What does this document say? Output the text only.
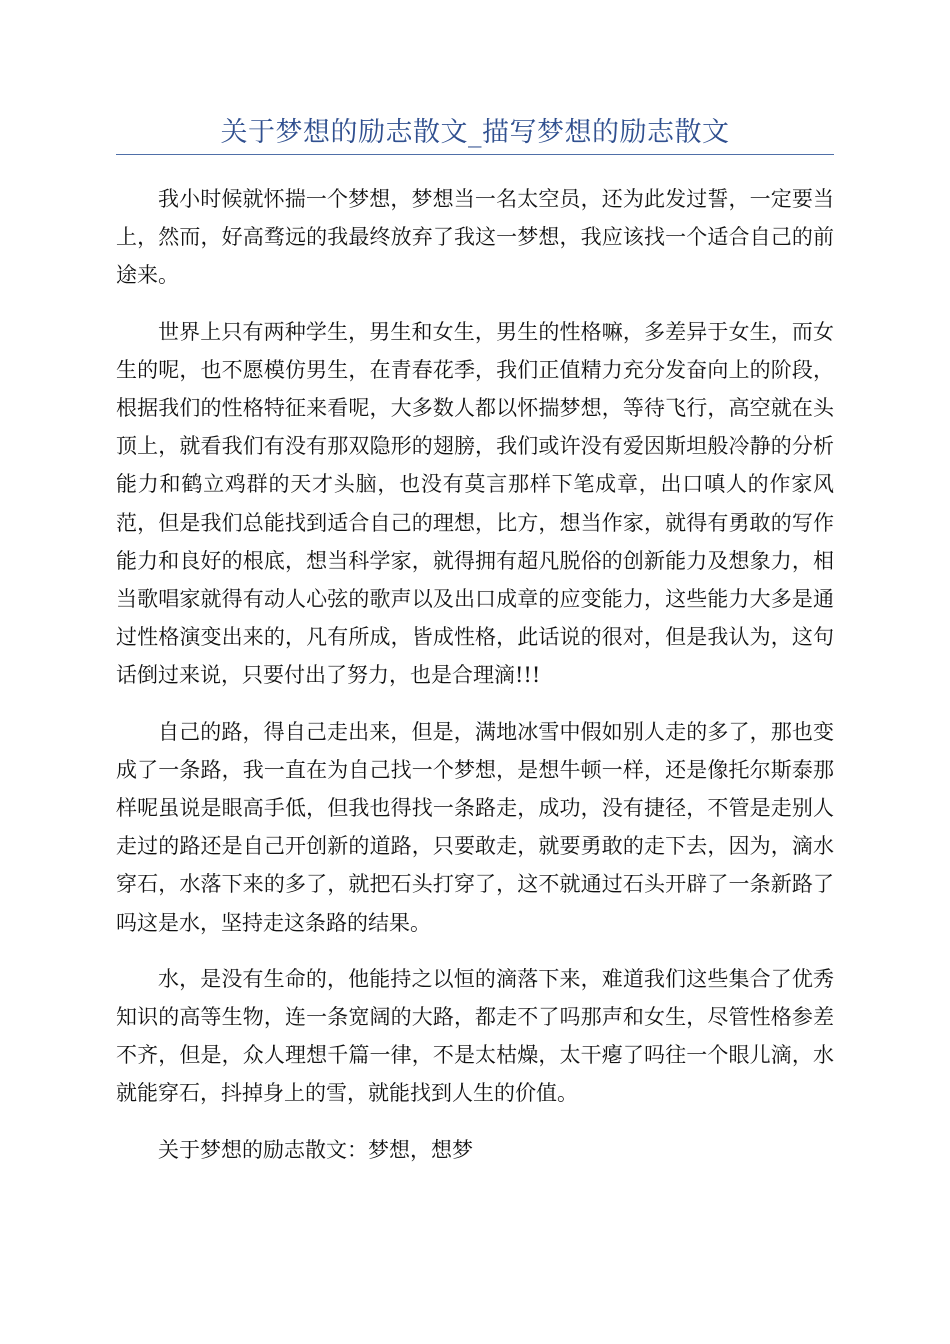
关于梦想的励志散文_描写梦想的励志散文

我小时候就怀揣一个梦想，梦想当一名太空员，还为此发过誓，一定要当上，然而，好高骛远的我最终放弃了我这一梦想，我应该找一个适合自己的前途来。

世界上只有两种学生，男生和女生，男生的性格嘛，多差异于女生，而女生的呢，也不愿模仿男生，在青春花季，我们正值精力充分发奋向上的阶段，根据我们的性格特征来看呢，大多数人都以怀揣梦想，等待飞行，高空就在头顶上，就看我们有没有那双隐形的翅膀，我们或许没有爱因斯坦般冷静的分析能力和鹤立鸡群的天才头脑，也没有莫言那样下笔成章，出口嗔人的作家风范，但是我们总能找到适合自己的理想，比方，想当作家，就得有勇敢的写作能力和良好的根底，想当科学家，就得拥有超凡脱俗的创新能力及想象力，相当歌唱家就得有动人心弦的歌声以及出口成章的应变能力，这些能力大多是通过性格演变出来的，凡有所成，皆成性格，此话说的很对，但是我认为，这句话倒过来说，只要付出了努力，也是合理滴!!!

自己的路，得自己走出来，但是，满地冰雪中假如别人走的多了，那也变成了一条路，我一直在为自己找一个梦想，是想牛顿一样，还是像托尔斯泰那样呢虽说是眼高手低，但我也得找一条路走，成功，没有捷径，不管是走别人走过的路还是自己开创新的道路，只要敢走，就要勇敢的走下去，因为，滴水穿石，水落下来的多了，就把石头打穿了，这不就通过石头开辟了一条新路了吗这是水，坚持走这条路的结果。

水，是没有生命的，他能持之以恒的滴落下来，难道我们这些集合了优秀知识的高等生物，连一条宽阔的大路，都走不了吗那声和女生，尽管性格参差不齐，但是，众人理想千篇一律，不是太枯燥，太干瘪了吗往一个眼儿滴，水就能穿石，抖掉身上的雪，就能找到人生的价值。

关于梦想的励志散文：梦想，想梦
